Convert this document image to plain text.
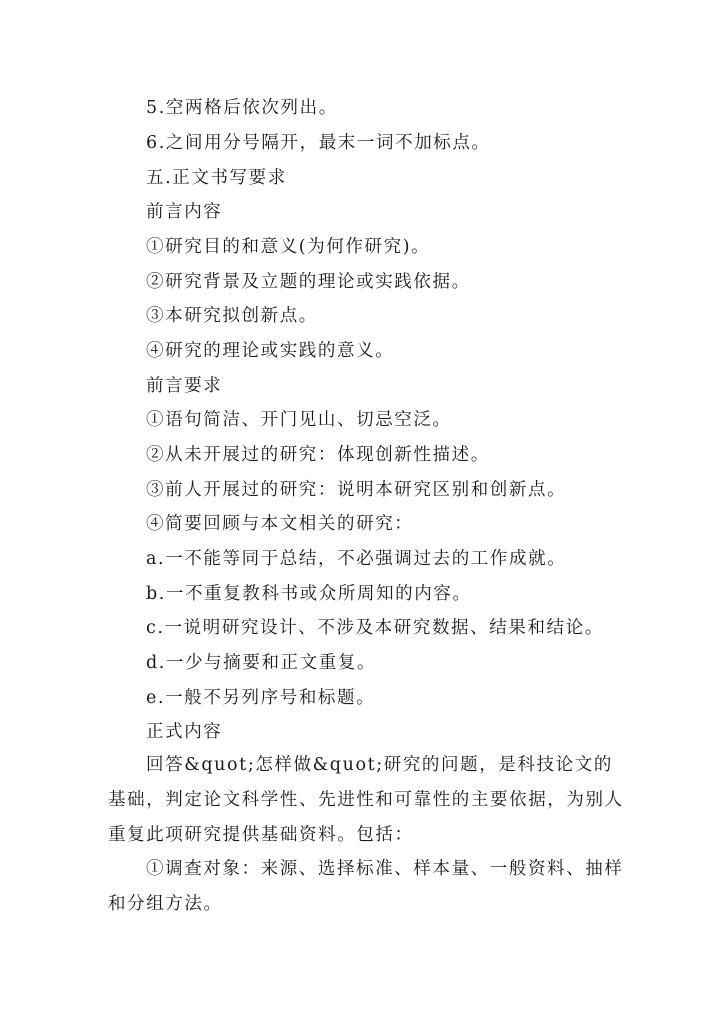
5.空两格后依次列出。
6.之间用分号隔开，最末一词不加标点。
五.正文书写要求
前言内容
①研究目的和意义(为何作研究)。
②研究背景及立题的理论或实践依据。
③本研究拟创新点。
④研究的理论或实践的意义。
前言要求
①语句简洁、开门见山、切忌空泛。
②从未开展过的研究：体现创新性描述。
③前人开展过的研究：说明本研究区别和创新点。
④简要回顾与本文相关的研究：
a.一不能等同于总结，不必强调过去的工作成就。
b.一不重复教科书或众所周知的内容。
c.一说明研究设计、不涉及本研究数据、结果和结论。
d.一少与摘要和正文重复。
e.一般不另列序号和标题。
正式内容
回答&quot;怎样做&quot;研究的问题，是科技论文的基础，判定论文科学性、先进性和可靠性的主要依据，为别人重复此项研究提供基础资料。包括：
①调查对象：来源、选择标准、样本量、一般资料、抽样和分组方法。
